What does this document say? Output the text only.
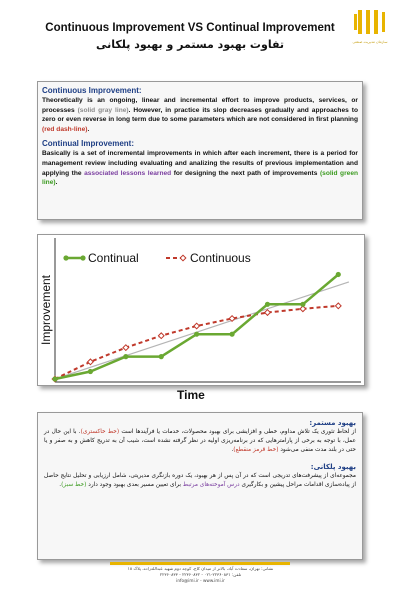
Continuous Improvement VS Continual Improvement
تفاوت بهبود مستمر و بهبود پلکانی	سازمان مدیریت صنعتی
Continuous Improvement:
Theoretically is an ongoing, linear and incremental effort to improve products, services, or processes (solid gray line). However, in practice its slop decreases gradually and approaches to zero or even reverse in long term due to some parameters which are not considered in first planning (red dash-line).
Continual Improvement:
Basically is a set of incremental improvements in which after each increment, there is a period for management review including evaluating and analizing the results of previous implementation and applying the associated lessons learned for designing the next path of improvements (solid green line).
Improvement
Continual	Continuous
Time
بهبود مستمر:
از لحاظ تئوری یک تلاش مداوم، خطی و افزایشی برای بهبود محصولات، خدمات یا فرآیندها است (خط خاکستری). با این حال در عمل، با توجه به برخی از پارامترهایی که در برنامه‌ریزی اولیه در نظر گرفته نشده است، شیب آن به تدریج کاهش و به صفر و یا حتی در بلند مدت منفی می‌شود (خط قرمز منقطع).
بهبود پلکانی:
مجموعه‌ای از پیشرفت‌های تدریجی است که در آن پس از هر بهبود، یک دوره بازنگری مدیریتی، شامل ارزیابی و تحلیل نتایج حاصل از پیاده‌سازی اقدامات مراحل پیشین و بکارگیری درس آموخته‌های مرتبط برای تعیین مسیر بعدی بهبود وجود دارد (خط سبز).
نشانی: تهران، سعادت آباد، بالاتر از میدان کاج، کوچه دوم شهید عبدالله‌زاده، پلاک ۱۸
تلفن: ۲۲۳۶۰۸۳۱-۰۲۱ - ۲۲۳۶۰۸۳۲ - ۲۲۳۶۰۸۳۳
info@imi.ir - www.imi.ir
